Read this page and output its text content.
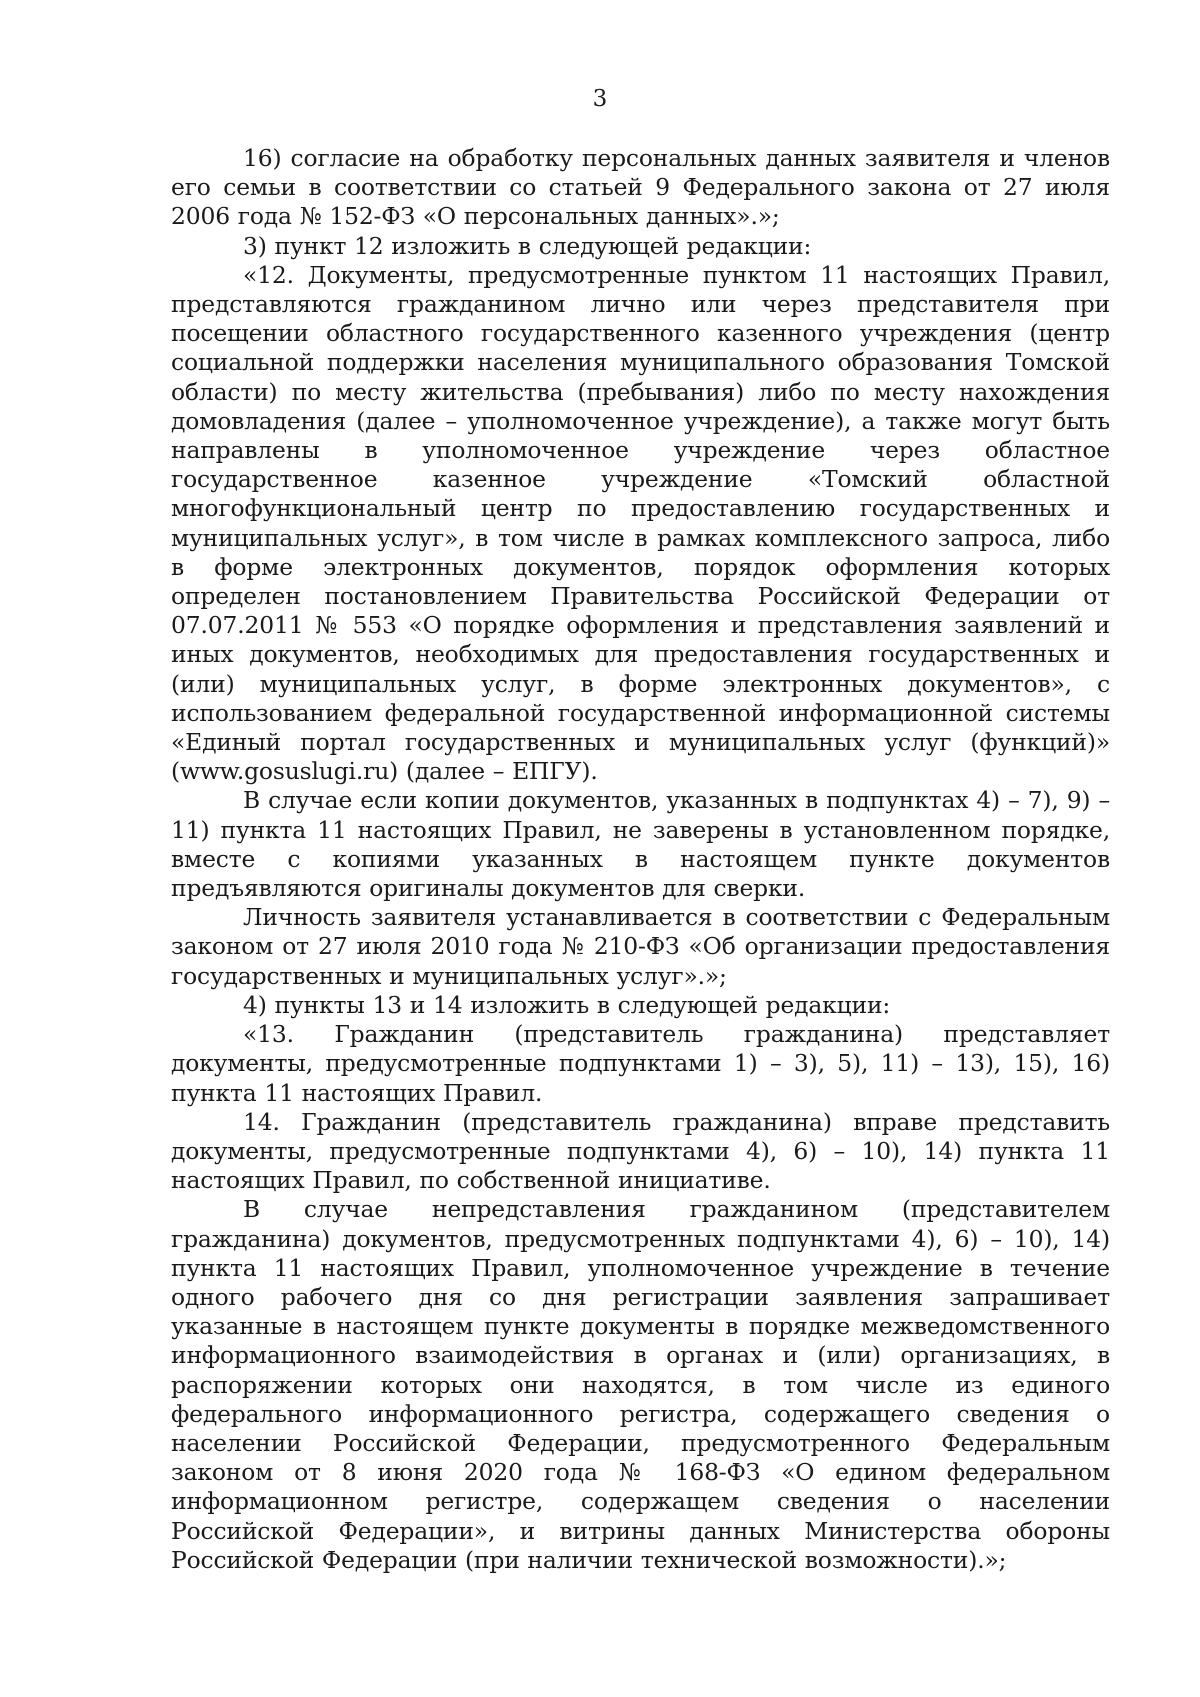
3

16) согласие на обработку персональных данных заявителя и членов его семьи в соответствии со статьей 9 Федерального закона от 27 июля 2006 года № 152-ФЗ «О персональных данных».»;

3) пункт 12 изложить в следующей редакции:

«12. Документы, предусмотренные пунктом 11 настоящих Правил, представляются гражданином лично или через представителя при посещении областного государственного казенного учреждения (центр социальной поддержки населения муниципального образования Томской области) по месту жительства (пребывания) либо по месту нахождения домовладения (далее – уполномоченное учреждение), а также могут быть направлены в уполномоченное учреждение через областное государственное казенное учреждение «Томский областной многофункциональный центр по предоставлению государственных и муниципальных услуг», в том числе в рамках комплексного запроса, либо в форме электронных документов, порядок оформления которых определен постановлением Правительства Российской Федерации от 07.07.2011 № 553 «О порядке оформления и представления заявлений и иных документов, необходимых для предоставления государственных и (или) муниципальных услуг, в форме электронных документов», с использованием федеральной государственной информационной системы «Единый портал государственных и муниципальных услуг (функций)» (www.gosuslugi.ru) (далее – ЕПГУ).

В случае если копии документов, указанных в подпунктах 4) – 7), 9) – 11) пункта 11 настоящих Правил, не заверены в установленном порядке, вместе с копиями указанных в настоящем пункте документов предъявляются оригиналы документов для сверки.

Личность заявителя устанавливается в соответствии с Федеральным законом от 27 июля 2010 года № 210-ФЗ «Об организации предоставления государственных и муниципальных услуг».»;

4) пункты 13 и 14 изложить в следующей редакции:

«13. Гражданин (представитель гражданина) представляет документы, предусмотренные подпунктами 1) – 3), 5), 11) – 13), 15), 16) пункта 11 настоящих Правил.

14. Гражданин (представитель гражданина) вправе представить документы, предусмотренные подпунктами 4), 6) – 10), 14) пункта 11 настоящих Правил, по собственной инициативе.

В случае непредставления гражданином (представителем гражданина) документов, предусмотренных подпунктами 4), 6) – 10), 14) пункта 11 настоящих Правил, уполномоченное учреждение в течение одного рабочего дня со дня регистрации заявления запрашивает указанные в настоящем пункте документы в порядке межведомственного информационного взаимодействия в органах и (или) организациях, в распоряжении которых они находятся, в том числе из единого федерального информационного регистра, содержащего сведения о населении Российской Федерации, предусмотренного Федеральным законом от 8 июня 2020 года № 168-ФЗ «О едином федеральном информационном регистре, содержащем сведения о населении Российской Федерации», и витрины данных Министерства обороны Российской Федерации (при наличии технической возможности).»;
